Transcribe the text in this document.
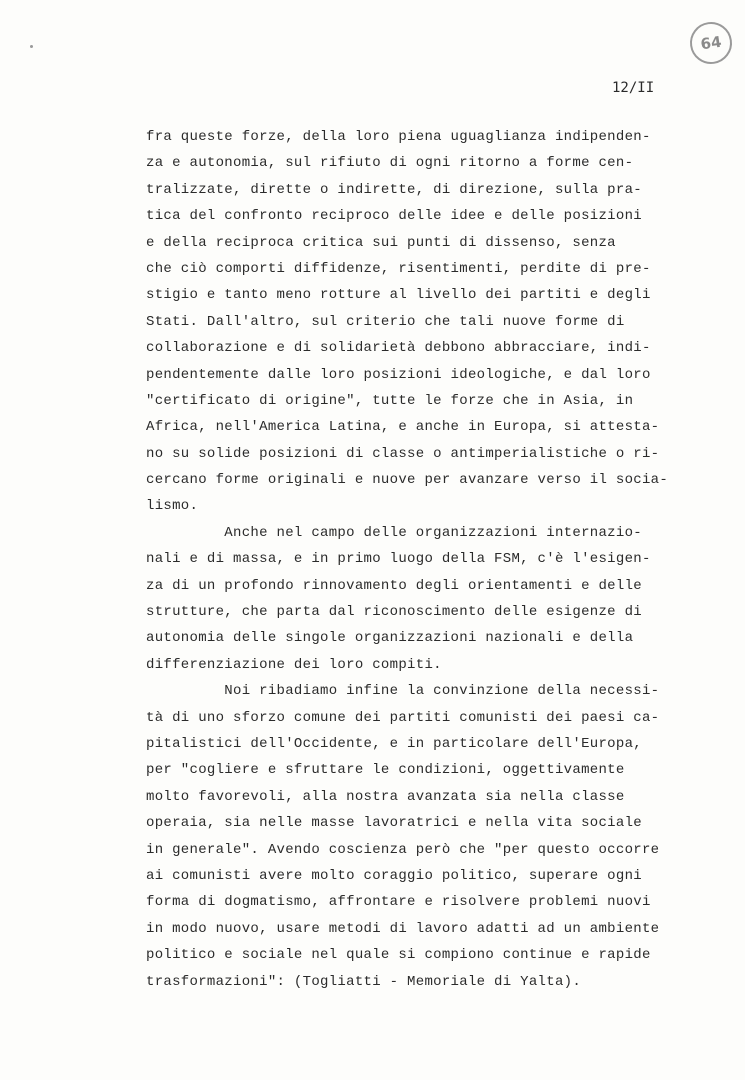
64
12/II
fra queste forze, della loro piena uguaglianza indipenden-
za e autonomia, sul rifiuto di ogni ritorno a forme cen-
tralizzate, dirette o indirette, di direzione, sulla pra-
tica del confronto reciproco delle idee e delle posizioni
e della reciproca critica sui punti di dissenso, senza
che ciò comporti diffidenze, risentimenti, perdite di pre-
stigio e tanto meno rotture al livello dei partiti e degli
Stati. Dall'altro, sul criterio che tali nuove forme di
collaborazione e di solidarietà debbono abbracciare, indi-
pendentemente dalle loro posizioni ideologiche, e dal loro
"certificato di origine", tutte le forze che in Asia, in
Africa, nell'America Latina, e anche in Europa, si attesta-
no su solide posizioni di classe o antimperialistiche o ri-
cercano forme originali e nuove per avanzare verso il socia-
lismo.
Anche nel campo delle organizzazioni internazio-
nali e di massa, e in primo luogo della FSM, c'è l'esigen-
za di un profondo rinnovamento degli orientamenti e delle
strutture, che parta dal riconoscimento delle esigenze di
autonomia delle singole organizzazioni nazionali e della
differenziazione dei loro compiti.
Noi ribadiamo infine la convinzione della necessi-
tà di uno sforzo comune dei partiti comunisti dei paesi ca-
pitalistici dell'Occidente, e in particolare dell'Europa,
per "cogliere e sfruttare le condizioni, oggettivamente
molto favorevoli, alla nostra avanzata sia nella classe
operaia, sia nelle masse lavoratrici e nella vita sociale
in generale". Avendo coscienza però che "per questo occorre
ai comunisti avere molto coraggio politico, superare ogni
forma di dogmatismo, affrontare e risolvere problemi nuovi
in modo nuovo, usare metodi di lavoro adatti ad un ambiente
politico e sociale nel quale si compiono continue e rapide
trasformazioni": (Togliatti - Memoriale di Yalta).
